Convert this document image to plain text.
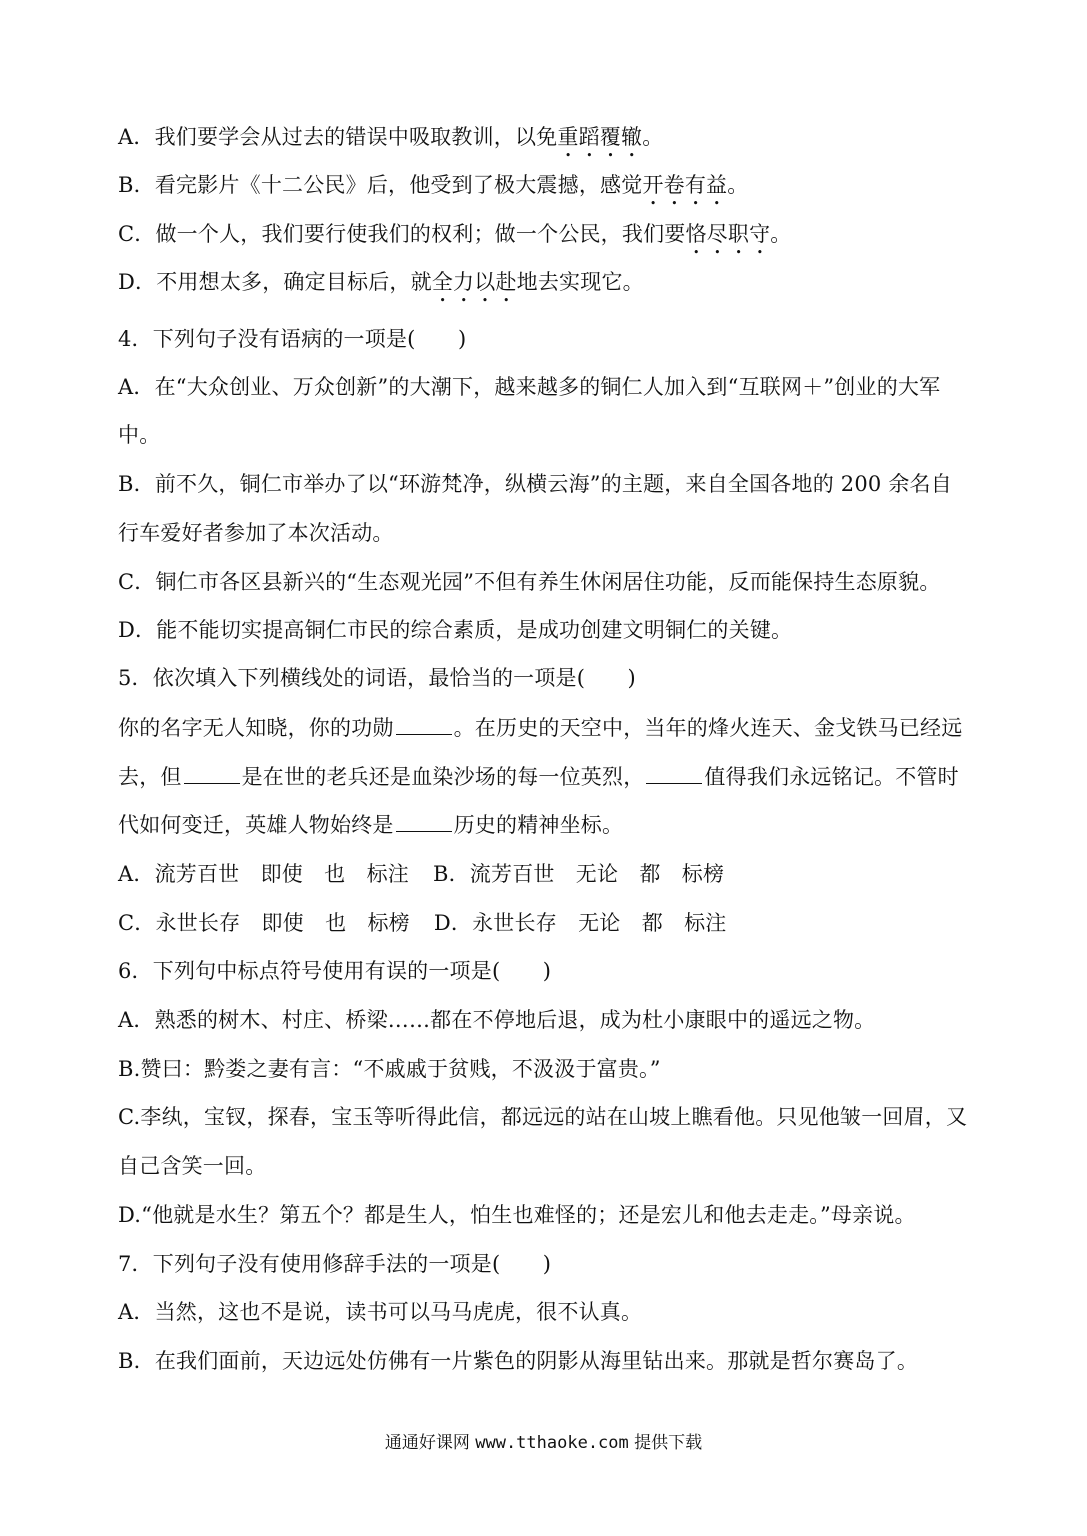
A．我们要学会从过去的错误中吸取教训，以免重蹈覆辙。
B．看完影片《十二公民》后，他受到了极大震撼，感觉开卷有益。
C．做一个人，我们要行使我们的权利；做一个公民，我们要恪尽职守。
D．不用想太多，确定目标后，就全力以赴地去实现它。
4．下列句子没有语病的一项是(　　)
A．在“大众创业、万众创新”的大潮下，越来越多的铜仁人加入到“互联网＋”创业的大军
中。
B．前不久，铜仁市举办了以“环游梵净，纵横云海”的主题，来自全国各地的 200 余名自
行车爱好者参加了本次活动。
C．铜仁市各区县新兴的“生态观光园”不但有养生休闲居住功能，反而能保持生态原貌。
D．能不能切实提高铜仁市民的综合素质，是成功创建文明铜仁的关键。
5．依次填入下列横线处的词语，最恰当的一项是(　　)
你的名字无人知晓，你的功勋	。在历史的天空中，当年的烽火连天、金戈铁马已经远
去，但	是在世的老兵还是血染沙场的每一位英烈，	值得我们永远铭记。不管时
代如何变迁，英雄人物始终是	历史的精神坐标。
A．流芳百世　即使　也　标注 B．流芳百世　无论　都　标榜
C．永世长存　即使　也　标榜 D．永世长存　无论　都　标注
6．下列句中标点符号使用有误的一项是(　　)
A．熟悉的树木、村庄、桥梁……都在不停地后退，成为杜小康眼中的遥远之物。
B.赞曰：黔娄之妻有言：“不戚戚于贫贱，不汲汲于富贵。”
C.李纨，宝钗，探春，宝玉等听得此信，都远远的站在山坡上瞧看他。只见他皱一回眉，又
自己含笑一回。
D.“他就是水生？第五个？都是生人，怕生也难怪的；还是宏儿和他去走走。”母亲说。
7．下列句子没有使用修辞手法的一项是(　　)
A．当然，这也不是说，读书可以马马虎虎，很不认真。
B．在我们面前，天边远处仿佛有一片紫色的阴影从海里钻出来。那就是哲尔赛岛了。
通通好课网 www.tthaoke.com 提供下载
